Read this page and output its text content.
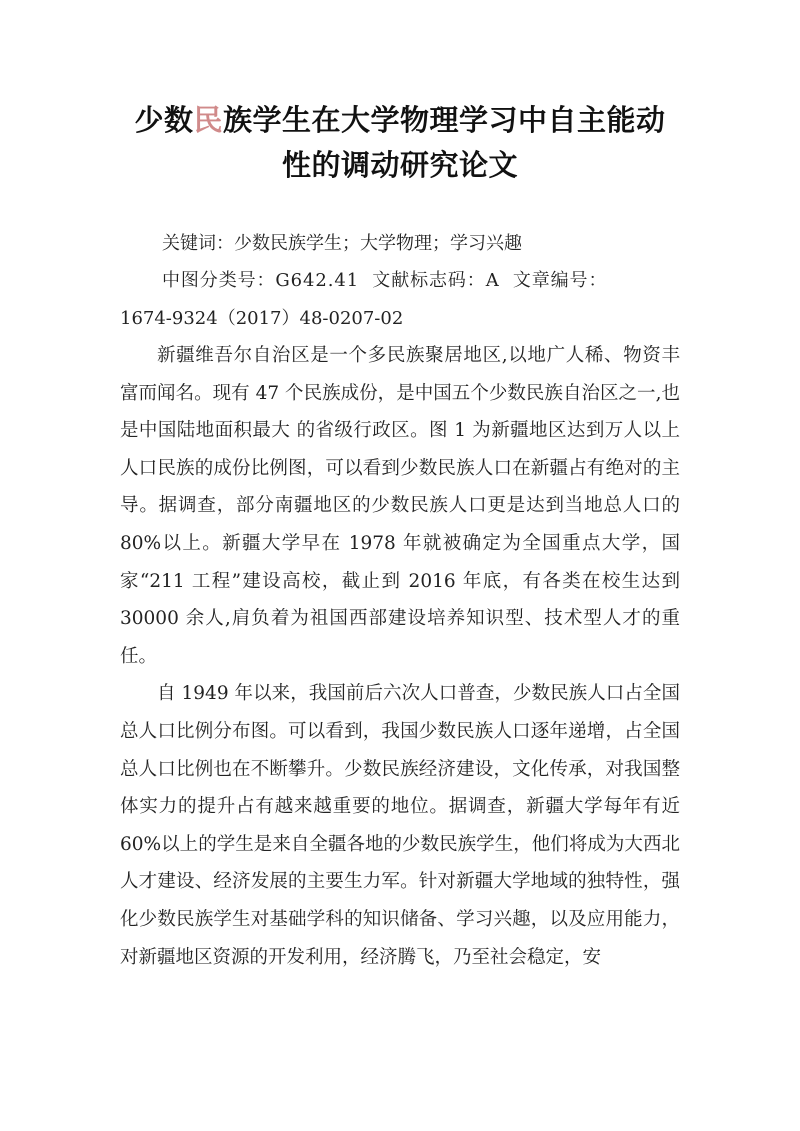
少数民族学生在大学物理学习中自主能动
性的调动研究论文
关键词：少数民族学生；大学物理；学习兴趣
中图分类号：G642.41  文献标志码：A  文章编号：
1674-9324（2017）48-0207-02

新疆维吾尔自治区是一个多民族聚居地区,以地广人稀、物资丰富而闻名。现有 47 个民族成份，是中国五个少数民族自治区之一,也是中国陆地面积最大 的省级行政区。图 1 为新疆地区达到万人以上人口民族的成份比例图，可以看到少数民族人口在新疆占有绝对的主导。据调查，部分南疆地区的少数民族人口更是达到当地总人口的 80%以上。新疆大学早在 1978 年就被确定为全国重点大学，国家“211 工程”建设高校，截止到 2016 年底，有各类在校生达到 30000 余人,肩负着为祖国西部建设培养知识型、技术型人才的重任。

自 1949 年以来，我国前后六次人口普查，少数民族人口占全国总人口比例分布图。可以看到，我国少数民族人口逐年递增，占全国总人口比例也在不断攀升。少数民族经济建设，文化传承，对我国整体实力的提升占有越来越重要的地位。据调查，新疆大学每年有近 60%以上的学生是来自全疆各地的少数民族学生，他们将成为大西北人才建设、经济发展的主要生力军。针对新疆大学地域的独特性，强化少数民族学生对基础学科的知识储备、学习兴趣，以及应用能力，对新疆地区资源的开发利用，经济腾飞，乃至社会稳定，安
